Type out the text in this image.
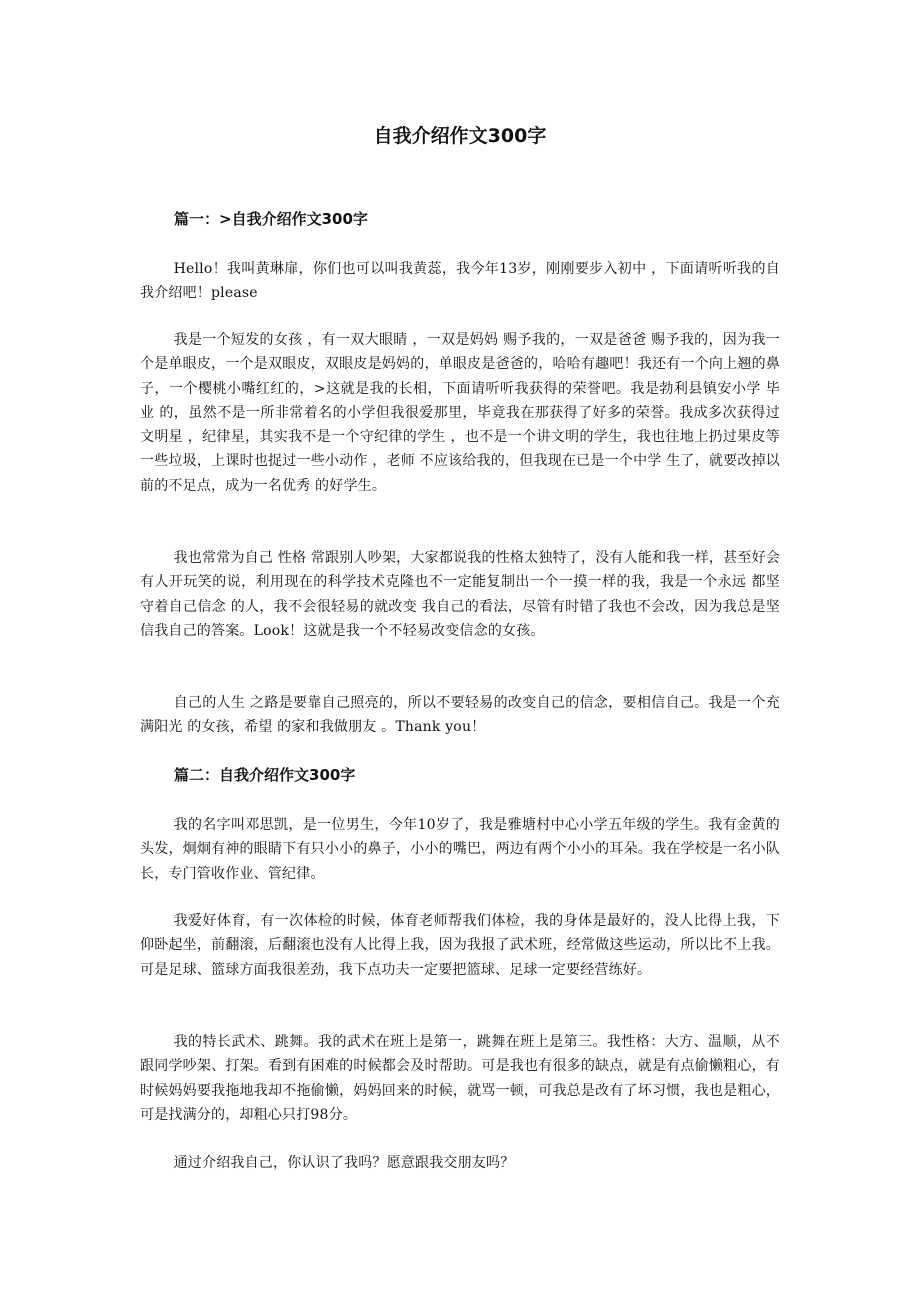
自我介绍作文300字
篇一：>自我介绍作文300字

Hello！我叫黄琳扉，你们也可以叫我黄蕊，我今年13岁，刚刚要步入初中 ，下面请听听我的自我介绍吧！please

我是一个短发的女孩 ，有一双大眼睛 ，一双是妈妈 赐予我的，一双是爸爸 赐予我的，因为我一个是单眼皮，一个是双眼皮，双眼皮是妈妈的，单眼皮是爸爸的，哈哈有趣吧！我还有一个向上翘的鼻子，一个樱桃小嘴红红的，>这就是我的长相，下面请听听我获得的荣誉吧。我是勃利县镇安小学 毕业 的，虽然不是一所非常着名的小学但我很爱那里，毕竟我在那获得了好多的荣誉。我成多次获得过文明星 ，纪律星，其实我不是一个守纪律的学生 ，也不是一个讲文明的学生，我也往地上扔过果皮等一些垃圾，上课时也捉过一些小动作 ，老师 不应该给我的，但我现在已是一个中学 生了，就要改掉以前的不足点，成为一名优秀 的好学生。

我也常常为自己 性格 常跟别人吵架，大家都说我的性格太独特了，没有人能和我一样，甚至好会有人开玩笑的说，利用现在的科学技术克隆也不一定能复制出一个一摸一样的我，我是一个永远 都坚守着自己信念 的人，我不会很轻易的就改变 我自己的看法，尽管有时错了我也不会改，因为我总是坚信我自己的答案。Look！这就是我一个不轻易改变信念的女孩。

自己的人生 之路是要靠自己照亮的，所以不要轻易的改变自己的信念，要相信自己。我是一个充满阳光 的女孩，希望 的家和我做朋友 。Thank you！

篇二：自我介绍作文300字

我的名字叫邓思凯，是一位男生，今年10岁了，我是雅塘村中心小学五年级的学生。我有金黄的头发，炯炯有神的眼睛下有只小小的鼻子，小小的嘴巴，两边有两个小小的耳朵。我在学校是一名小队长，专门管收作业、管纪律。

我爱好体育，有一次体检的时候，体育老师帮我们体检，我的身体是最好的，没人比得上我，下仰卧起坐，前翻滚，后翻滚也没有人比得上我，因为我报了武术班，经常做这些运动，所以比不上我。可是足球、篮球方面我很差劲，我下点功夫一定要把篮球、足球一定要经营练好。

我的特长武术、跳舞。我的武术在班上是第一，跳舞在班上是第三。我性格：大方、温顺，从不跟同学吵架、打架。看到有困难的时候都会及时帮助。可是我也有很多的缺点，就是有点偷懒粗心，有时候妈妈要我拖地我却不拖偷懒，妈妈回来的时候，就骂一顿，可我总是改有了坏习惯，我也是粗心，可是找满分的，却粗心只打98分。

通过介绍我自己，你认识了我吗？愿意跟我交朋友吗？
